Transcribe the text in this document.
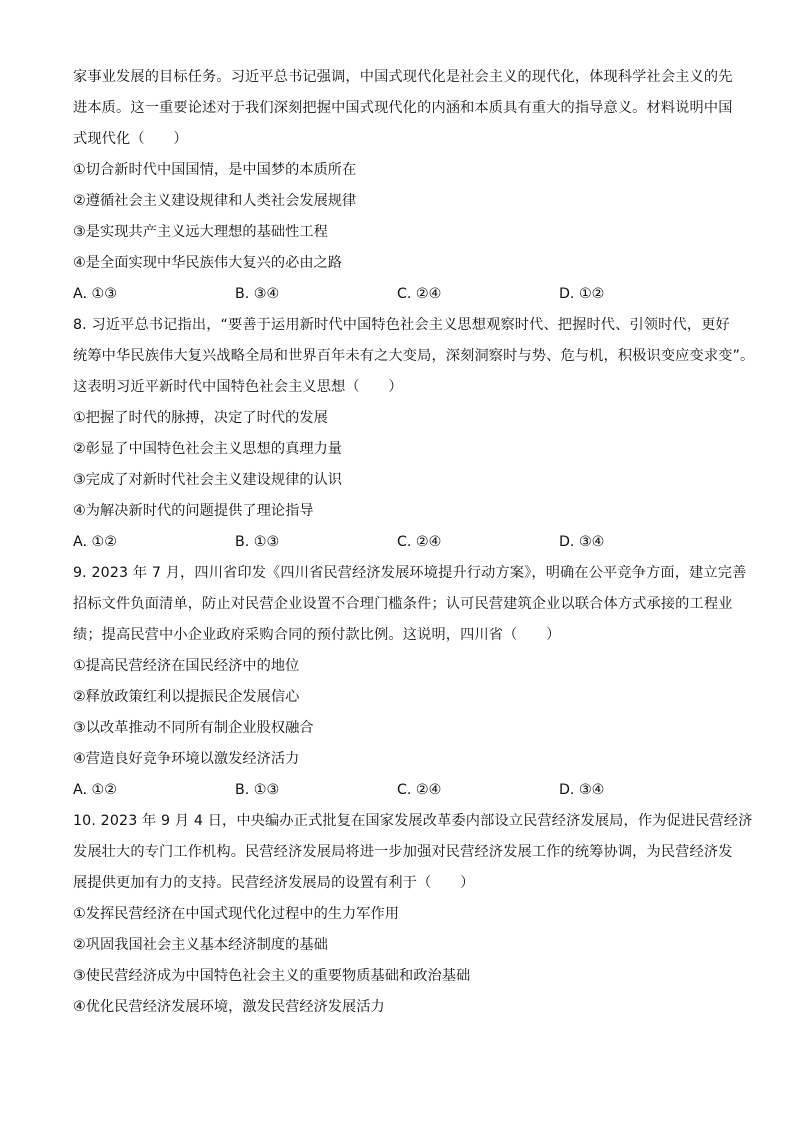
家事业发展的目标任务。习近平总书记强调，中国式现代化是社会主义的现代化，体现科学社会主义的先
进本质。这一重要论述对于我们深刻把握中国式现代化的内涵和本质具有重大的指导意义。材料说明中国
式现代化（　　）
①切合新时代中国国情，是中国梦的本质所在
②遵循社会主义建设规律和人类社会发展规律
③是实现共产主义远大理想的基础性工程
④是全面实现中华民族伟大复兴的必由之路
A. ①③	B. ③④	C. ②④	D. ①②
8. 习近平总书记指出，“要善于运用新时代中国特色社会主义思想观察时代、把握时代、引领时代，更好
统筹中华民族伟大复兴战略全局和世界百年未有之大变局，深刻洞察时与势、危与机，积极识变应变求变”。
这表明习近平新时代中国特色社会主义思想（　　）
①把握了时代的脉搏，决定了时代的发展
②彰显了中国特色社会主义思想的真理力量
③完成了对新时代社会主义建设规律的认识
④为解决新时代的问题提供了理论指导
A. ①②	B. ①③	C. ②④	D. ③④
9. 2023 年 7 月，四川省印发《四川省民营经济发展环境提升行动方案》，明确在公平竞争方面，建立完善
招标文件负面清单，防止对民营企业设置不合理门槛条件；认可民营建筑企业以联合体方式承接的工程业
绩；提高民营中小企业政府采购合同的预付款比例。这说明，四川省（　　）
①提高民营经济在国民经济中的地位
②释放政策红利以提振民企发展信心
③以改革推动不同所有制企业股权融合
④营造良好竞争环境以激发经济活力
A. ①②	B. ①③	C. ②④	D. ③④
10. 2023 年 9 月 4 日，中央编办正式批复在国家发展改革委内部设立民营经济发展局，作为促进民营经济
发展壮大的专门工作机构。民营经济发展局将进一步加强对民营经济发展工作的统筹协调，为民营经济发
展提供更加有力的支持。民营经济发展局的设置有利于（　　）
①发挥民营经济在中国式现代化过程中的生力军作用
②巩固我国社会主义基本经济制度的基础
③使民营经济成为中国特色社会主义的重要物质基础和政治基础
④优化民营经济发展环境，激发民营经济发展活力
